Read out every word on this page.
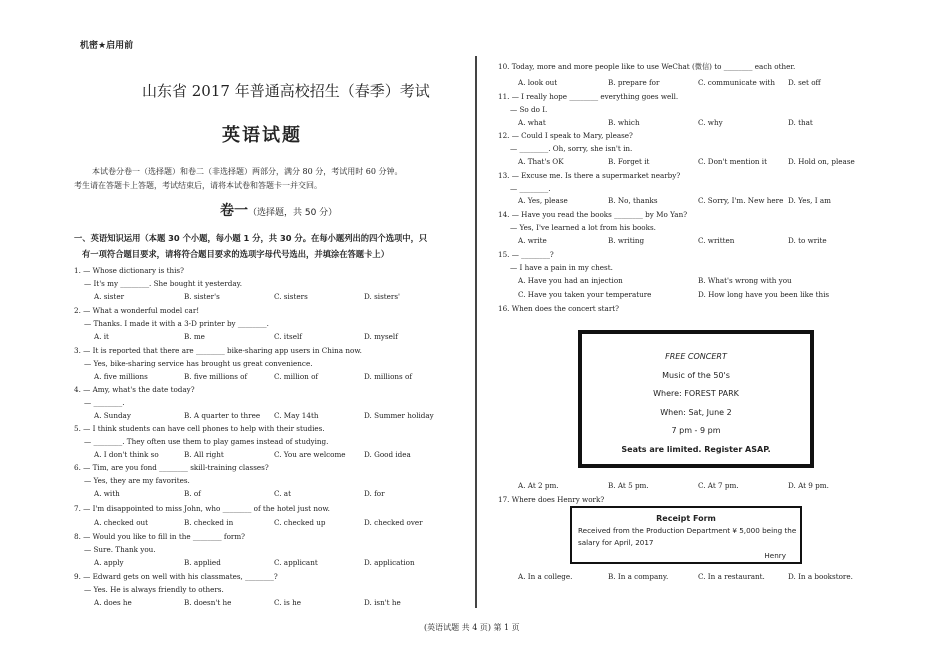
机密★启用前
山东省 2017 年普通高校招生（春季）考试
英语试题
本试卷分卷一（选择题）和卷二（非选择题）两部分，满分 80 分，考试用时 60 分钟。
考生请在答题卡上答题，考试结束后，请将本试卷和答题卡一并交回。
卷一（选择题，共 50 分）
一、英语知识运用（本题 30 个小题，每小题 1 分，共 30 分。在每小题列出的四个选项中，只
有一项符合题目要求，请将符合题目要求的选项字母代号选出，并填涂在答题卡上）
1. — Whose dictionary is this?
— It's my ________. She bought it yesterday.
A. sister	B. sister's	C. sisters	D. sisters'
2. — What a wonderful model car!
— Thanks. I made it with a 3-D printer by ________.
A. it	B. me	C. itself	D. myself
3. — It is reported that there are ________ bike-sharing app users in China now.
— Yes, bike-sharing service has brought us great convenience.
A. five millions	B. five millions of	C. million of	D. millions of
4. — Amy, what's the date today?
— ________.
A. Sunday	B. A quarter to three C. May 14th	D. Summer holiday
5. — I think students can have cell phones to help with their studies.
— ________. They often use them to play games instead of studying.
A. I don't think so	B. All right	C. You are welcome	D. Good idea
6. — Tim, are you fond ________ skill-training classes?
— Yes, they are my favorites.
A. with	B. of	C. at	D. for
7. — I'm disappointed to miss John, who ________ of the hotel just now.
A. checked out	B. checked in	C. checked up	D. checked over
8. — Would you like to fill in the ________ form?
— Sure. Thank you.
A. apply	B. applied	C. applicant	D. application
9. — Edward gets on well with his classmates, ________?
— Yes. He is always friendly to others.
A. does he	B. doesn't he	C. is he	D. isn't he
10. Today, more and more people like to use WeChat (微信) to ________ each other.
A. look out	B. prepare for	C. communicate with D. set off
11. — I really hope ________ everything goes well.
— So do I.
A. what	B. which	C. why	D. that
12. — Could I speak to Mary, please?
— ________. Oh, sorry, she isn't in.
A. That's OK	B. Forget it	C. Don't mention it	D. Hold on, please
13. — Excuse me. Is there a supermarket nearby?
— ________.
A. Yes, please	B. No, thanks	C. Sorry, I'm. New here D. Yes, I am
14. — Have you read the books ________ by Mo Yan?
— Yes, I've learned a lot from his books.
A. write	B. writing	C. written	D. to write
15. — ________?
— I have a pain in my chest.
A. Have you had an injection	B. What's wrong with you
C. Have you taken your temperature	D. How long have you been like this
16. When does the concert start?
FREE CONCERT
Music of the 50's
Where: FOREST PARK
When: Sat, June 2
7 pm - 9 pm
Seats are limited. Register ASAP.
A. At 2 pm.	B. At 5 pm.	C. At 7 pm.	D. At 9 pm.
17. Where does Henry work?
Receipt Form
Received from the Production Department ¥ 5,000 being the
salary for April, 2017
Henry
A. In a college.	B. In a company.	C. In a restaurant.	D. In a bookstore.
(英语试题 共 4 页) 第 1 页
